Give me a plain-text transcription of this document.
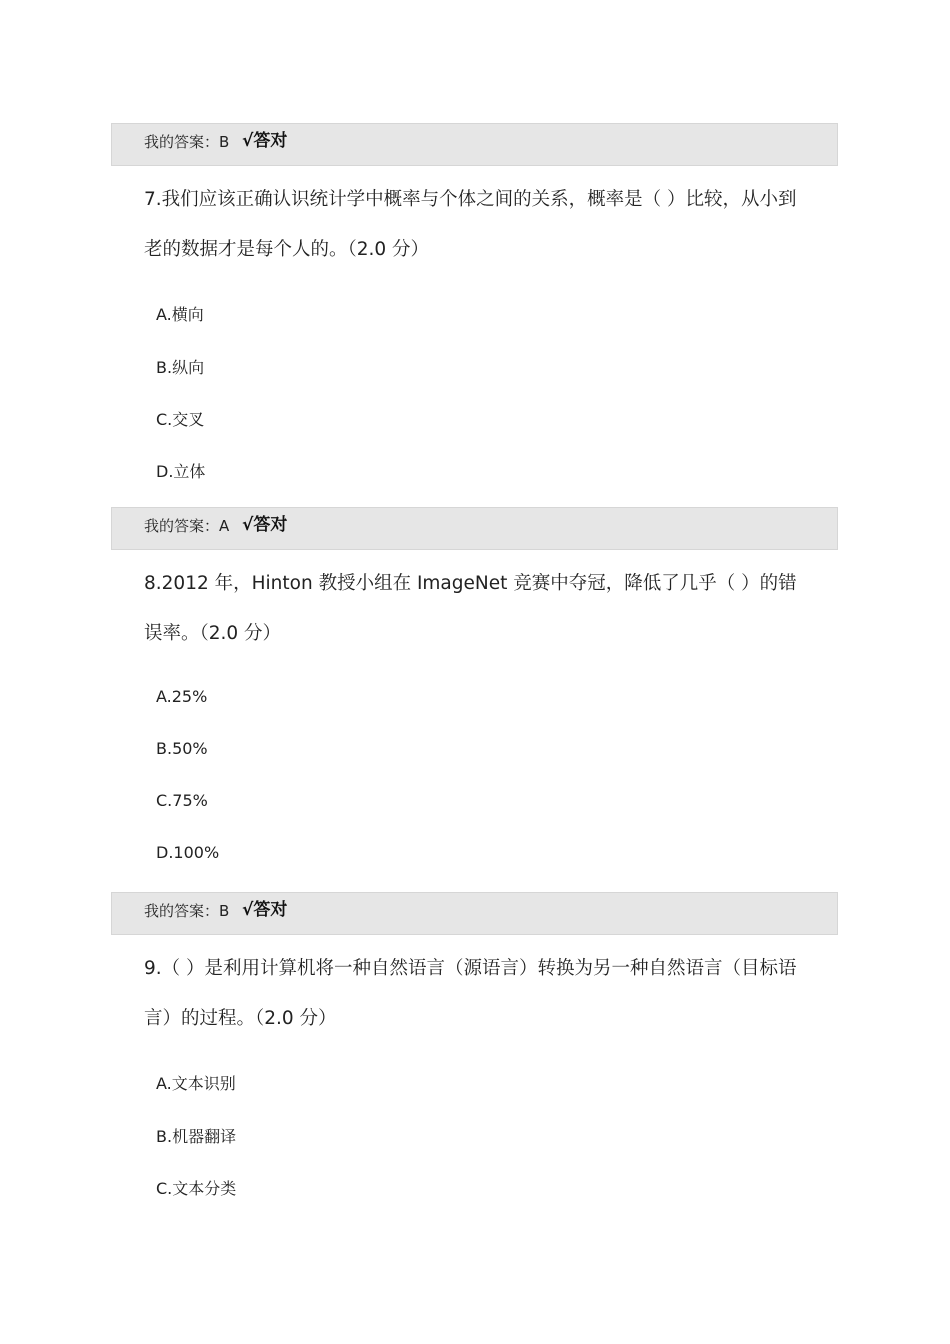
我的答案：B √答对
7.我们应该正确认识统计学中概率与个体之间的关系，概率是（ ）比较，从小到
老的数据才是每个人的。（2.0 分）
A.横向
B.纵向
C.交叉
D.立体
我的答案：A √答对
8.2012 年，Hinton 教授小组在 ImageNet 竞赛中夺冠，降低了几乎（ ）的错
误率。（2.0 分）
A.25%
B.50%
C.75%
D.100%
我的答案：B √答对
9.（ ）是利用计算机将一种自然语言（源语言）转换为另一种自然语言（目标语
言）的过程。（2.0 分）
A.文本识别
B.机器翻译
C.文本分类
